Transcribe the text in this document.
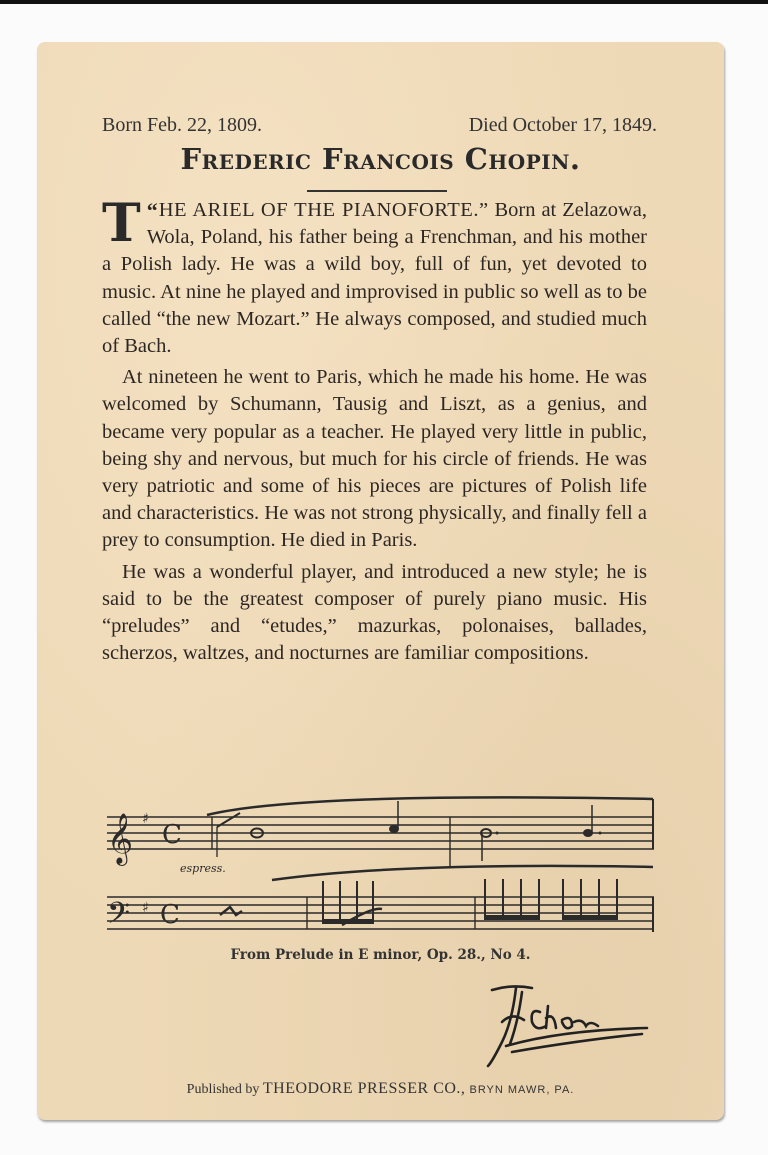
Born Feb. 22, 1809.	Died October 17, 1849.
Frederic Francois Chopin.

“
T HE ARIEL OF THE PIANOFORTE.” Born at Zelazowa, Wola, Poland, his father being a Frenchman, and his mother a Polish lady. He was a wild boy, full of fun, yet devoted to music. At nine he played and improvised in public so well as to be called “the new Mozart.” He always composed, and studied much of Bach.

At nineteen he went to Paris, which he made his home. He was welcomed by Schumann, Tausig and Liszt, as a genius, and became very popular as a teacher. He played very little in public, being shy and nervous, but much for his circle of friends. He was very patriotic and some of his pieces are pictures of Polish life and characteristics. He was not strong physically, and finally fell a prey to consumption. He died in Paris.

He was a wonderful player, and introduced a new style; he is said to be the greatest composer of purely piano music. His “preludes” and “etudes,” mazurkas, polonaises, ballades, scherzos, waltzes, and nocturnes are familiar compositions.

𝄞 ♯
C
𝄢 ♯ C
espress.
From Prelude in E minor, Op. 28., No 4.
Published by THEODORE PRESSER CO., BRYN MAWR, PA.
